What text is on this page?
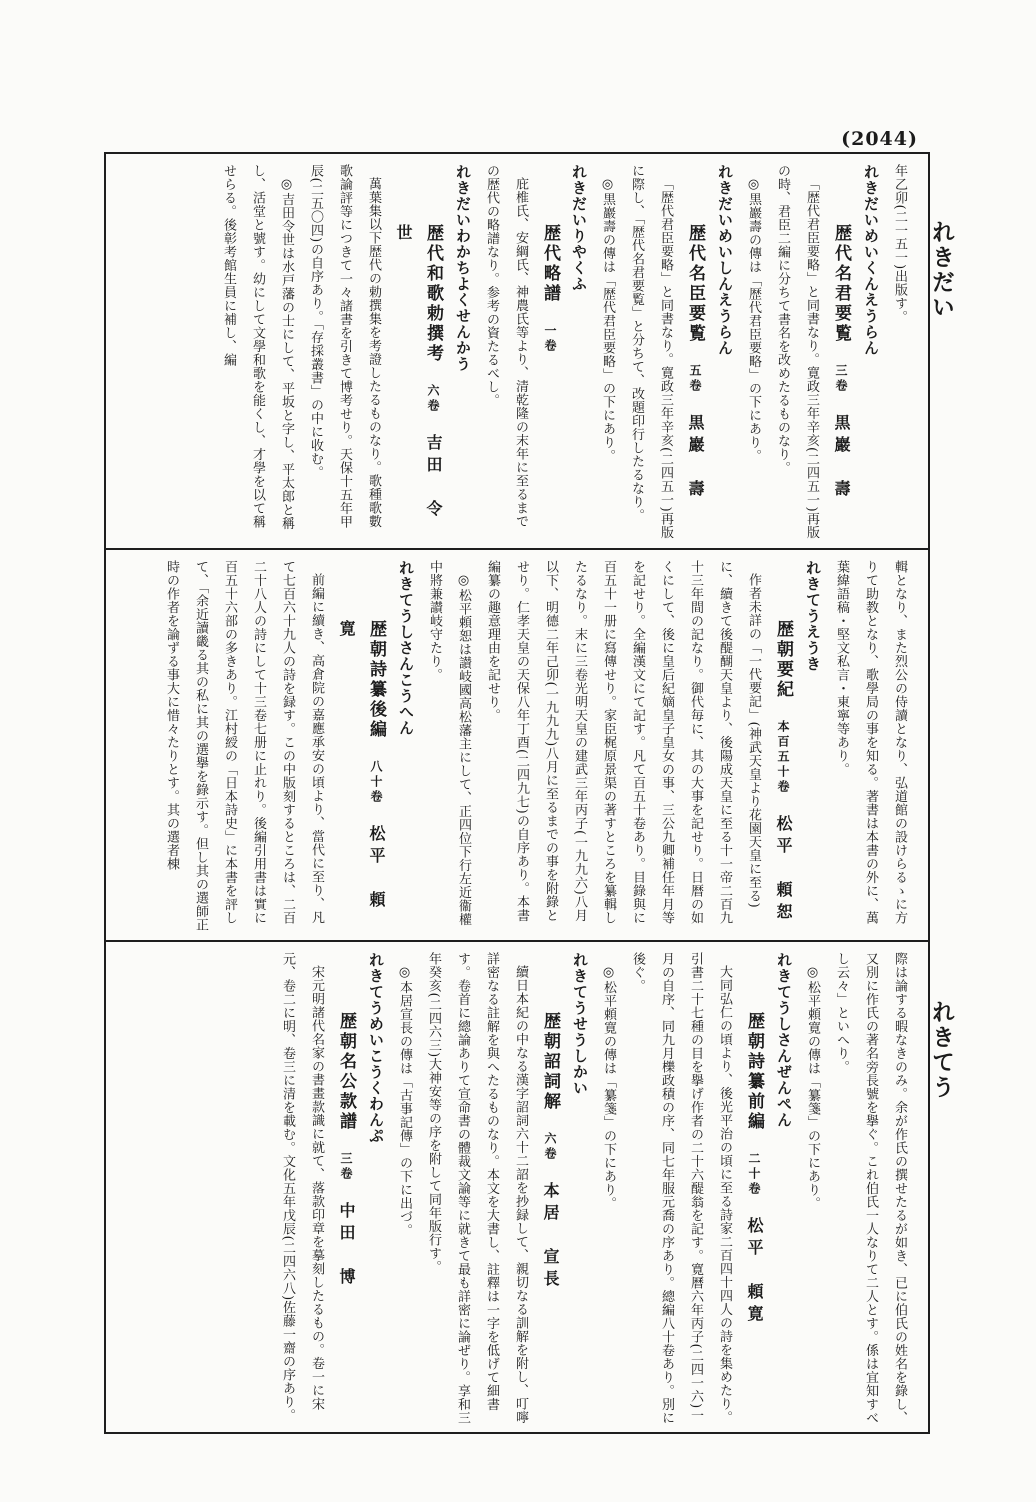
(2044)
れきだい
れきてう
年乙卯(二一五一)出版す。
れきだいめいくんえうらん
歴代名君要覧　三卷　黒巖　壽
「歴代君臣要略」と同書なり。寛政三年辛亥(二四五一)再版の時、君臣二編に分ちて書名を改めたるものなり。
◎黒巖壽の傳は「歴代君臣要略」の下にあり。
れきだいめいしんえうらん
歴代名臣要覧　五卷　黒巖　壽
「歴代君臣要略」と同書なり。寛政三年辛亥(二四五一)再版に際し、「歴代名君要覧」と分ちて、改題印行したるなり。
◎黒巖壽の傳は「歴代君臣要略」の下にあり。
れきだいりやくふ
歴代略譜　一卷
庇椎氏、安綱氏、神農氏等より、清乾隆の末年に至るまでの歴代の略譜なり。参考の資たるべし。
れきだいわかちよくせんかう
歴代和歌勅撰考　六卷　吉田　令世
萬葉集以下歴代の勅撰集を考證したるものなり。歌種歌數歌論評等につきて一々諸書を引きて博考せり。天保十五年甲辰(二五〇四)の自序あり。「存採叢書」の中に收む。
◎吉田令世は水戸藩の士にして、平坂と字し、平太郎と稱し、活堂と號す。幼にして文學和歌を能くし、才學を以て稱せらる。後彰考館生員に補し、編
輯となり、また烈公の侍讀となり、弘道館の設けらるゝに方りて助教となり、歌學局の事を知る。著書は本書の外に、萬葉緯語稿・堅文私言・東寧等あり。
れきてうえうき
歴朝要紀　本百五十卷　松平　頼恕
作者未詳の「一代要記」(神武天皇より花園天皇に至る)に、續きて後醍醐天皇より、後陽成天皇に至る十一帝二百九十三年間の記なり。御代毎に、其の大事を記せり。日暦の如くにして、後に皇后紀嫡皇子皇女の事、三公九卿補任年月等を記せり。全編漢文にて記す。凡て百五十卷あり。目錄與に百五十一册に寫傳せり。家臣梶原景渠の著すところを纂輯したるなり。末に三卷光明天皇の建武三年丙子(一九九六)八月以下、明德二年己卯(一九九九)八月に至るまでの事を附錄とせり。仁孝天皇の天保八年丁酉(二四九七)の自序あり。本書編纂の趣意理由を記せり。
◎松平頼恕は讃岐國高松藩主にして、正四位下行左近衞權中將兼讃岐守たり。
れきてうしさんこうへん
歴朝詩纂後編　八十卷　松平　頼寛
前編に續き、高倉院の嘉應承安の頃より、當代に至り、凡て七百六十九人の詩を録す。この中版刻するところは、二百二十八人の詩にして十三卷七册に止れり。後編引用書は實に百五十六部の多きあり。江村綬の「日本詩史」に本書を評して、「余近讀畿る其の私に其の選擧を錄示す。但し其の選師正時の作者を論ずる事大に惜々たりとす。其の選者棟
際は論する暇なきのみ。余が作氏の撰せたるが如き、已に伯氏の姓名を錄し、又別に作氏の著名旁長號を擧ぐ。これ伯氏一人なりて二人とす。係は宜知すべし云々」といへり。
◎松平頼寛の傳は「纂箋」の下にあり。
れきてうしさんぜんぺん
歴朝詩纂前編　二十卷　松平　頼寛
大同弘仁の頃より、後光平治の頃に至る詩家二百四十四人の詩を集めたり。引書二十七種の目を擧げ作者の二十六醍翁を記す。寛曆六年丙子(二四一六)一月の自序、同九月櫟政積の序、同七年服元喬の序あり。總編八十卷あり。別に後ぐ。
◎松平頼寛の傳は「纂箋」の下にあり。
れきてうせうしかい
歴朝詔詞解　六卷　本居　宣長
續日本紀の中なる漢字詔詞六十二詔を抄録して、親切なる訓解を附し、叮嚀詳密なる註解を與へたるものなり。本文を大書し、註釋は一字を低げて細書す。卷首に總論ありて宣命書の體裁文論等に就きて最も詳密に論ぜり。享和三年癸亥(二四六三)大神安等の序を附して同年版行す。
◎本居宣長の傳は「古事記傳」の下に出づ。
れきてうめいこうくわんぷ
歴朝名公款譜　三卷　中田　博
宋元明諸代名家の書畫款識に就て、落款印章を摹刻したるもの。卷一に宋元、卷二に明、卷三に清を載む。文化五年戊辰(二四六八)佐藤一齋の序あり。
